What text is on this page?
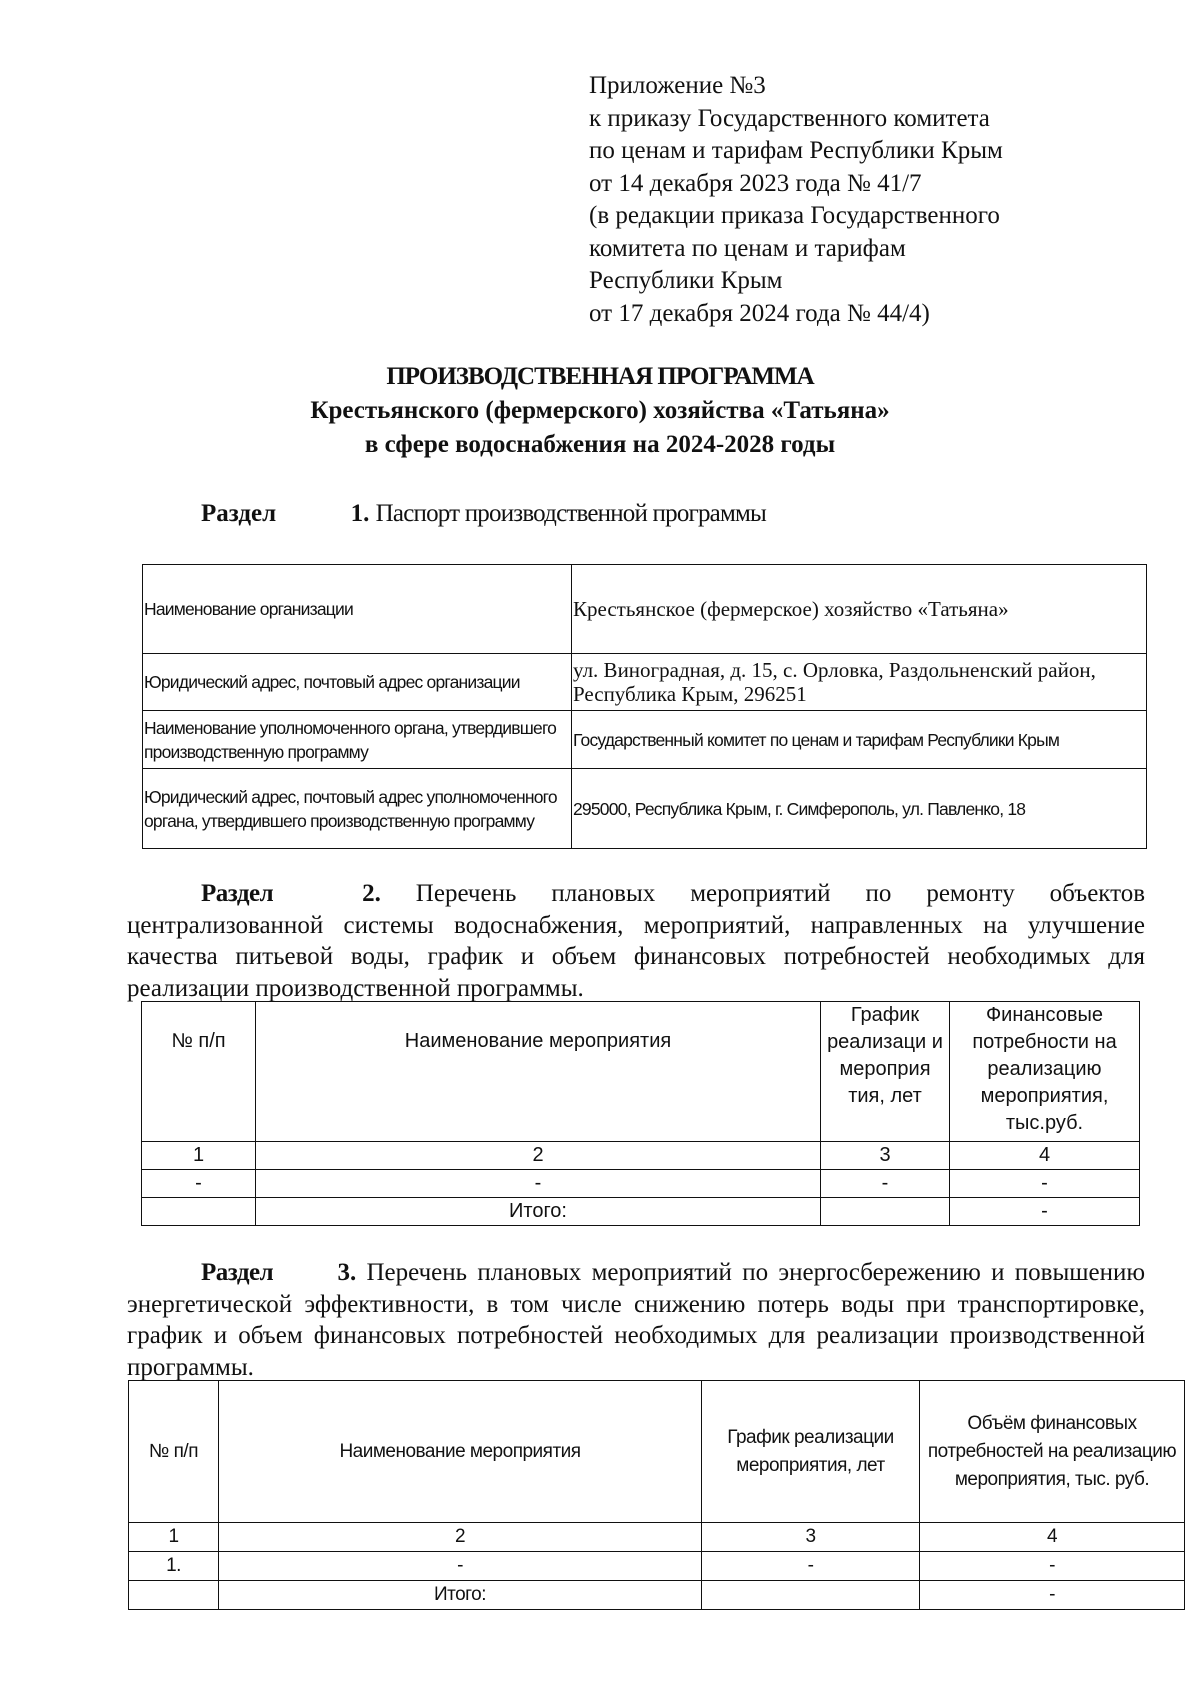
Приложение №3
к приказу Государственного комитета
по ценам и тарифам Республики Крым
от 14 декабря 2023 года № 41/7
(в редакции приказа Государственного
комитета по ценам и тарифам
Республики Крым
от 17 декабря 2024 года № 44/4)
ПРОИЗВОДСТВЕННАЯ ПРОГРАММА
Крестьянского (фермерского) хозяйства «Татьяна»
в сфере водоснабжения на 2024-2028 годы
Раздел	1. Паспорт производственной программы
Наименование организации	Крестьянское (фермерское) хозяйство «Татьяна»
Юридический адрес, почтовый адрес организации	ул. Виноградная, д. 15, с. Орловка, Раздольненский район, Республика Крым, 296251
Наименование уполномоченного органа, утвердившего производственную программу	Государственный комитет по ценам и тарифам Республики Крым
Юридический адрес, почтовый адрес уполномоченного органа, утвердившего производственную программу	295000, Республика Крым, г. Симферополь, ул. Павленко, 18
Раздел	2. Перечень плановых мероприятий по ремонту объектов централизованной системы водоснабжения, мероприятий, направленных на улучшение качества питьевой воды, график и объем финансовых потребностей необходимых для реализации производственной программы.
№ п/п	Наименование мероприятия	График реализаци и мероприя тия, лет	Финансовые потребности на реализацию мероприятия, тыс.руб.
1	2	3	4
-	-	-	-
	Итого:		-
Раздел	3. Перечень плановых мероприятий по энергосбережению и повышению энергетической эффективности, в том числе снижению потерь воды при транспортировке, график и объем финансовых потребностей необходимых для реализации производственной программы.
№ п/п	Наименование мероприятия	График реализации мероприятия, лет	Объём финансовых потребностей на реализацию мероприятия, тыс. руб.
1	2	3	4
1.	-	-	-
	Итого:		-
